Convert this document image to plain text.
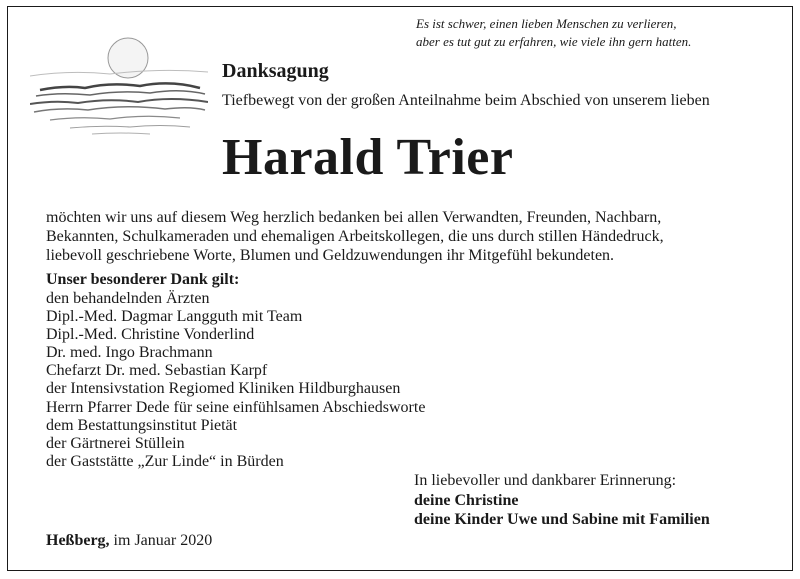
Es ist schwer, einen lieben Menschen zu verlieren,
aber es tut gut zu erfahren, wie viele ihn gern hatten.
Danksagung
Tiefbewegt von der großen Anteilnahme beim Abschied von unserem lieben
Harald Trier
möchten wir uns auf diesem Weg herzlich bedanken bei allen Verwandten, Freunden, Nachbarn,
Bekannten, Schulkameraden und ehemaligen Arbeitskollegen, die uns durch stillen Händedruck,
liebevoll geschriebene Worte, Blumen und Geldzuwendungen ihr Mitgefühl bekundeten.
Unser besonderer Dank gilt:
den behandelnden Ärzten
Dipl.-Med. Dagmar Langguth mit Team
Dipl.-Med. Christine Vonderlind
Dr. med. Ingo Brachmann
Chefarzt Dr. med. Sebastian Karpf
der Intensivstation Regiomed Kliniken Hildburghausen
Herrn Pfarrer Dede für seine einfühlsamen Abschiedsworte
dem Bestattungsinstitut Pietät
der Gärtnerei Stüllein
der Gaststätte „Zur Linde“ in Bürden
In liebevoller und dankbarer Erinnerung:
deine Christine
deine Kinder Uwe und Sabine mit Familien
Heßberg, im Januar 2020
